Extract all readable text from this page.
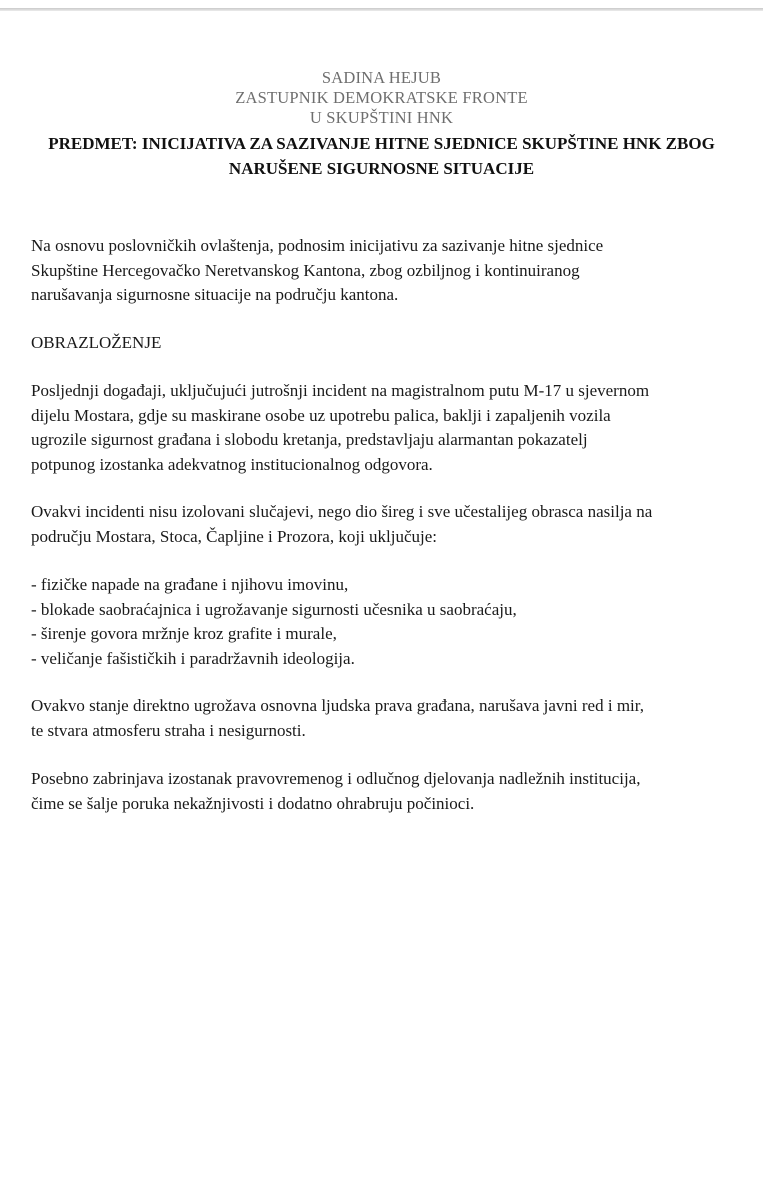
SADINA HEJUB
ZASTUPNIK DEMOKRATSKE FRONTE
U SKUPŠTINI HNK
PREDMET: INICIJATIVA ZA SAZIVANJE HITNE SJEDNICE SKUPŠTINE HNK ZBOG
NARUŠENE SIGURNOSNE SITUACIJE
Na osnovu poslovničkih ovlaštenja, podnosim inicijativu za sazivanje hitne sjednice
Skupštine Hercegovačko Neretvanskog Kantona, zbog ozbiljnog i kontinuiranog
narušavanja sigurnosne situacije na području kantona.
OBRAZLOŽENJE
Posljednji događaji, uključujući jutrošnji incident na magistralnom putu M-17 u sjevernom
dijelu Mostara, gdje su maskirane osobe uz upotrebu palica, baklji i zapaljenih vozila
ugrozile sigurnost građana i slobodu kretanja, predstavljaju alarmantan pokazatelj
potpunog izostanka adekvatnog institucionalnog odgovora.
Ovakvi incidenti nisu izolovani slučajevi, nego dio šireg i sve učestalijeg obrasca nasilja na
području Mostara, Stoca, Čapljine i Prozora, koji uključuje:
- fizičke napade na građane i njihovu imovinu,
- blokade saobraćajnica i ugrožavanje sigurnosti učesnika u saobraćaju,
- širenje govora mržnje kroz grafite i murale,
- veličanje fašističkih i paradržavnih ideologija.
Ovakvo stanje direktno ugrožava osnovna ljudska prava građana, narušava javni red i mir,
te stvara atmosferu straha i nesigurnosti.
Posebno zabrinjava izostanak pravovremenog i odlučnog djelovanja nadležnih institucija,
čime se šalje poruka nekažnjivosti i dodatno ohrabruju počinioci.
